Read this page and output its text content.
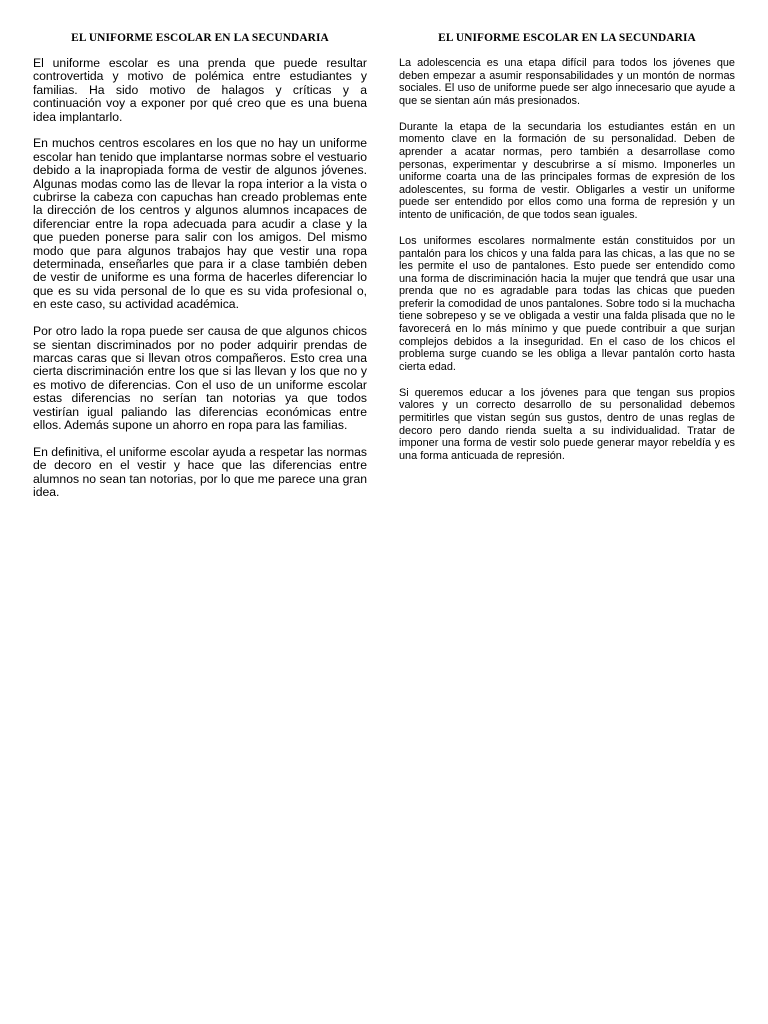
EL UNIFORME ESCOLAR EN LA SECUNDARIA

El uniforme escolar es una prenda que puede resultar controvertida y motivo de polémica entre estudiantes y familias. Ha sido motivo de halagos y críticas y a continuación voy a exponer por qué creo que es una buena idea implantarlo.

En muchos centros escolares en los que no hay un uniforme escolar han tenido que implantarse normas sobre el vestuario debido a la inapropiada forma de vestir de algunos jóvenes. Algunas modas como las de llevar la ropa interior a la vista o cubrirse la cabeza con capuchas han creado problemas ente la dirección de los centros y algunos alumnos incapaces de diferenciar entre la ropa adecuada para acudir a clase y la que pueden ponerse para salir con los amigos. Del mismo modo que para algunos trabajos hay que vestir una ropa determinada, enseñarles que para ir a clase también deben de vestir de uniforme es una forma de hacerles diferenciar lo que es su vida personal de lo que es su vida profesional o, en este caso, su actividad académica.

Por otro lado la ropa puede ser causa de que algunos chicos se sientan discriminados por no poder adquirir prendas de marcas caras que si llevan otros compañeros. Esto crea una cierta discriminación entre los que si las llevan y los que no y es motivo de diferencias. Con el uso de un uniforme escolar estas diferencias no serían tan notorias ya que todos vestirían igual paliando las diferencias económicas entre ellos. Además supone un ahorro en ropa para las familias.

En definitiva, el uniforme escolar ayuda a respetar las normas de decoro en el vestir y hace que las diferencias entre alumnos no sean tan notorias, por lo que me parece una gran idea.

EL UNIFORME ESCOLAR EN LA SECUNDARIA

La adolescencia es una etapa difícil para todos los jóvenes que deben empezar a asumir responsabilidades y un montón de normas sociales. El uso de uniforme puede ser algo innecesario que ayude a que se sientan aún más presionados.

Durante la etapa de la secundaria los estudiantes están en un momento clave en la formación de su personalidad. Deben de aprender a acatar normas, pero también a desarrollase como personas, experimentar y descubrirse a sí mismo. Imponerles un uniforme coarta una de las principales formas de expresión de los adolescentes, su forma de vestir. Obligarles a vestir un uniforme puede ser entendido por ellos como una forma de represión y un intento de unificación, de que todos sean iguales.

Los uniformes escolares normalmente están constituidos por un pantalón para los chicos y una falda para las chicas, a las que no se les permite el uso de pantalones. Esto puede ser entendido como una forma de discriminación hacia la mujer que tendrá que usar una prenda que no es agradable para todas las chicas que pueden preferir la comodidad de unos pantalones. Sobre todo si la muchacha tiene sobrepeso y se ve obligada a vestir una falda plisada que no le favorecerá en lo más mínimo y que puede contribuir a que surjan complejos debidos a la inseguridad. En el caso de los chicos el problema surge cuando se les obliga a llevar pantalón corto hasta cierta edad.

Si queremos educar a los jóvenes para que tengan sus propios valores y un correcto desarrollo de su personalidad debemos permitirles que vistan según sus gustos, dentro de unas reglas de decoro pero dando rienda suelta a su individualidad. Tratar de imponer una forma de vestir solo puede generar mayor rebeldía y es una forma anticuada de represión.
